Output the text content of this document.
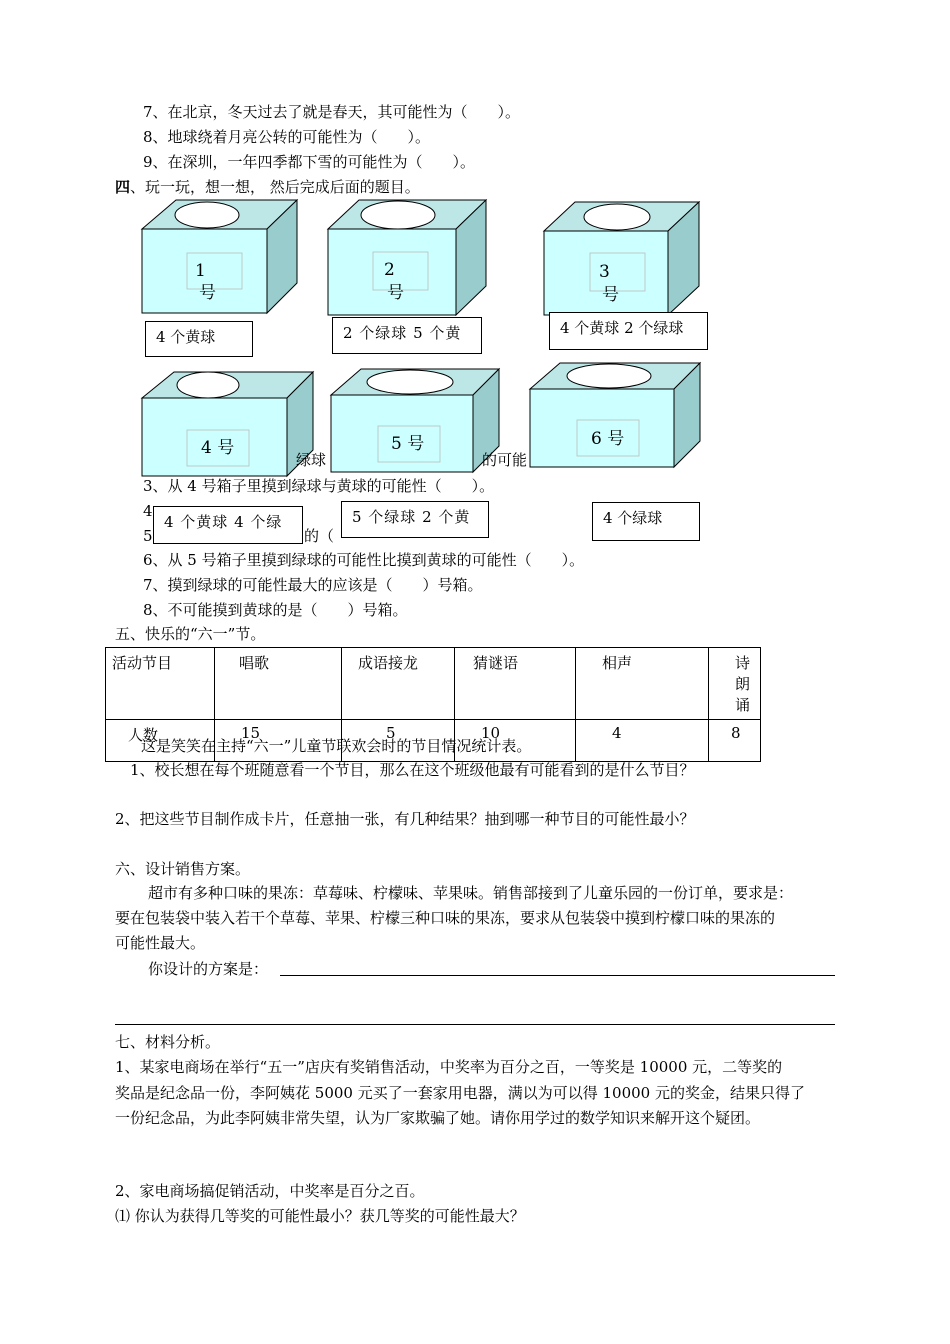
7、在北京，冬天过去了就是春天，其可能性为（　　）。
8、地球绕着月亮公转的可能性为（　　）。
9、在深圳，一年四季都下雪的可能性为（　　）。
四、玩一玩，想一想， 然后完成后面的题目。
1
号
2
号
3
号
4 号	5 号	6 号
4 个黄球	2 个绿球 5 个黄	4 个黄球 2 个绿球
绿球	的可能
3、从 4 号箱子里摸到绿球与黄球的可能性（　　）。
4
5	的（
4 个黄球 4 个绿	5 个绿球 2 个黄	4 个绿球
6、从 5 号箱子里摸到绿球的可能性比摸到黄球的可能性（　　）。
7、摸到绿球的可能性最大的应该是（　　）号箱。
8、不可能摸到黄球的是（　　）号箱。
五、快乐的“六一”节。
活动节目	唱歌	成语接龙	猜谜语	相声	诗朗诵
人数	15	5	10	4	8
这是笑笑在主持“六一”儿童节联欢会时的节目情况统计表。
1、校长想在每个班随意看一个节目，那么在这个班级他最有可能看到的是什么节目？
2、把这些节目制作成卡片，任意抽一张，有几种结果？抽到哪一种节目的可能性最小？
六、设计销售方案。
超市有多种口味的果冻：草莓味、柠檬味、苹果味。销售部接到了儿童乐园的一份订单，要求是：
要在包装袋中装入若干个草莓、苹果、柠檬三种口味的果冻，要求从包装袋中摸到柠檬口味的果冻的
可能性最大。
你设计的方案是：
七、材料分析。
1、某家电商场在举行“五一”店庆有奖销售活动，中奖率为百分之百，一等奖是 10000 元，二等奖的
奖品是纪念品一份，李阿姨花 5000 元买了一套家用电器，满以为可以得 10000 元的奖金，结果只得了
一份纪念品，为此李阿姨非常失望，认为厂家欺骗了她。请你用学过的数学知识来解开这个疑团。
2、家电商场搞促销活动，中奖率是百分之百。
⑴ 你认为获得几等奖的可能性最小？获几等奖的可能性最大？
